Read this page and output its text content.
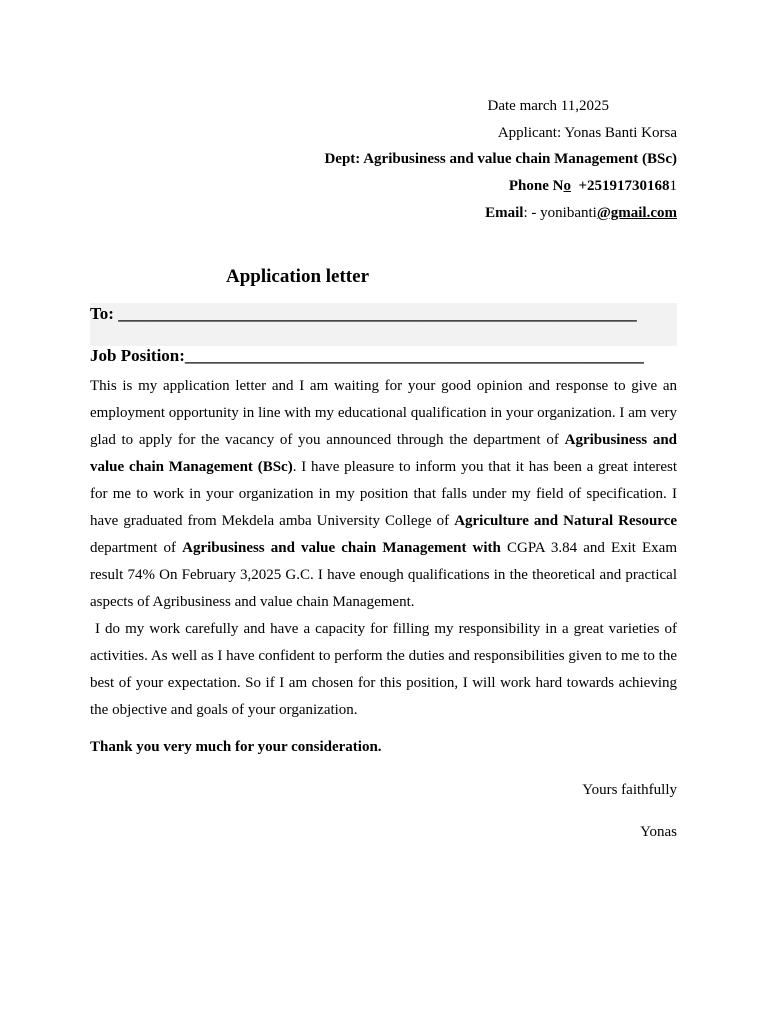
Date march 11,2025
Applicant: Yonas Banti Korsa
Dept: Agribusiness and value chain Management (BSc)
Phone No  +251917301681
Email: - yonibanti@gmail.com
Application letter
To: _____________________________________________________________
Job Position:______________________________________________________

This is my application letter and I am waiting for your good opinion and response to give an employment opportunity in line with my educational qualification in your organization. I am very glad to apply for the vacancy of you announced through the department of Agribusiness and value chain Management (BSc). I have pleasure to inform you that it has been a great interest for me to work in your organization in my position that falls under my field of specification. I have graduated from Mekdela amba University College of Agriculture and Natural Resource department of Agribusiness and value chain Management with CGPA 3.84 and Exit Exam result 74% On February 3,2025 G.C. I have enough qualifications in the theoretical and practical aspects of Agribusiness and value chain Management.

I do my work carefully and have a capacity for filling my responsibility in a great varieties of activities. As well as I have confident to perform the duties and responsibilities given to me to the best of your expectation. So if I am chosen for this position, I will work hard towards achieving the objective and goals of your organization.

Thank you very much for your consideration.
Yours faithfully
Yonas
